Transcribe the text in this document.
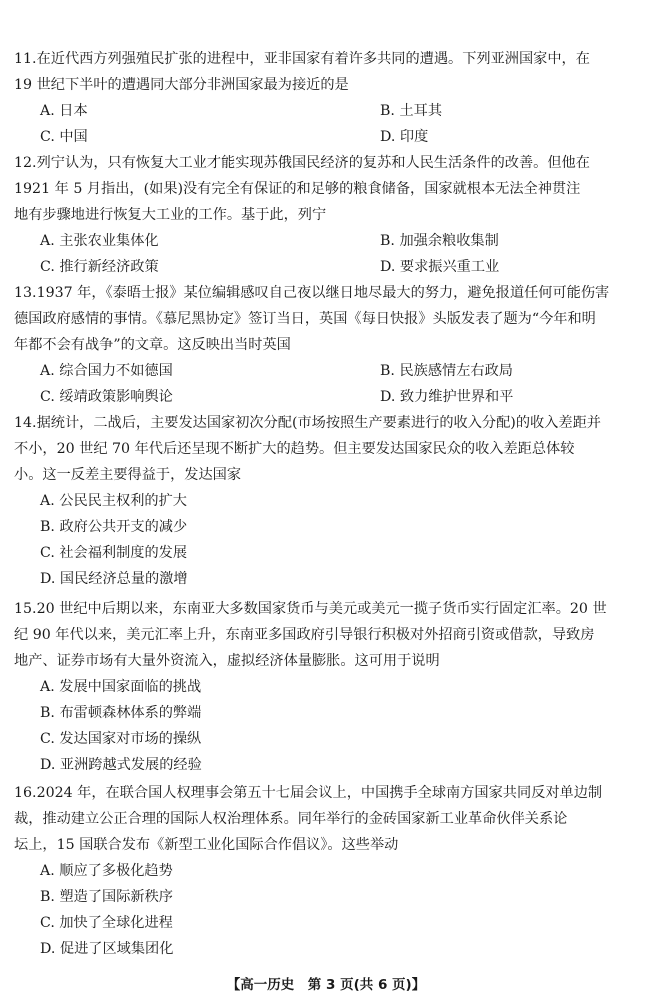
11.在近代西方列强殖民扩张的进程中，亚非国家有着许多共同的遭遇。下列亚洲国家中，在
19 世纪下半叶的遭遇同大部分非洲国家最为接近的是
A. 日本	B. 土耳其
C. 中国	D. 印度
12.列宁认为，只有恢复大工业才能实现苏俄国民经济的复苏和人民生活条件的改善。但他在
1921 年 5 月指出，(如果)没有完全有保证的和足够的粮食储备，国家就根本无法全神贯注
地有步骤地进行恢复大工业的工作。基于此，列宁
A. 主张农业集体化	B. 加强余粮收集制
C. 推行新经济政策	D. 要求振兴重工业
13.1937 年，《泰晤士报》某位编辑感叹自己夜以继日地尽最大的努力，避免报道任何可能伤害
德国政府感情的事情。《慕尼黑协定》签订当日，英国《每日快报》头版发表了题为“今年和明
年都不会有战争”的文章。这反映出当时英国
A. 综合国力不如德国	B. 民族感情左右政局
C. 绥靖政策影响舆论	D. 致力维护世界和平
14.据统计，二战后，主要发达国家初次分配(市场按照生产要素进行的收入分配)的收入差距并
不小，20 世纪 70 年代后还呈现不断扩大的趋势。但主要发达国家民众的收入差距总体较
小。这一反差主要得益于，发达国家
A. 公民民主权利的扩大
B. 政府公共开支的减少
C. 社会福利制度的发展
D. 国民经济总量的激增
15.20 世纪中后期以来，东南亚大多数国家货币与美元或美元一揽子货币实行固定汇率。20 世
纪 90 年代以来，美元汇率上升，东南亚多国政府引导银行积极对外招商引资或借款，导致房
地产、证券市场有大量外资流入，虚拟经济体量膨胀。这可用于说明
A. 发展中国家面临的挑战
B. 布雷顿森林体系的弊端
C. 发达国家对市场的操纵
D. 亚洲跨越式发展的经验
16.2024 年，在联合国人权理事会第五十七届会议上，中国携手全球南方国家共同反对单边制
裁，推动建立公正合理的国际人权治理体系。同年举行的金砖国家新工业革命伙伴关系论
坛上，15 国联合发布《新型工业化国际合作倡议》。这些举动
A. 顺应了多极化趋势
B. 塑造了国际新秩序
C. 加快了全球化进程
D. 促进了区域集团化
【高一历史　第 3 页(共 6 页)】
